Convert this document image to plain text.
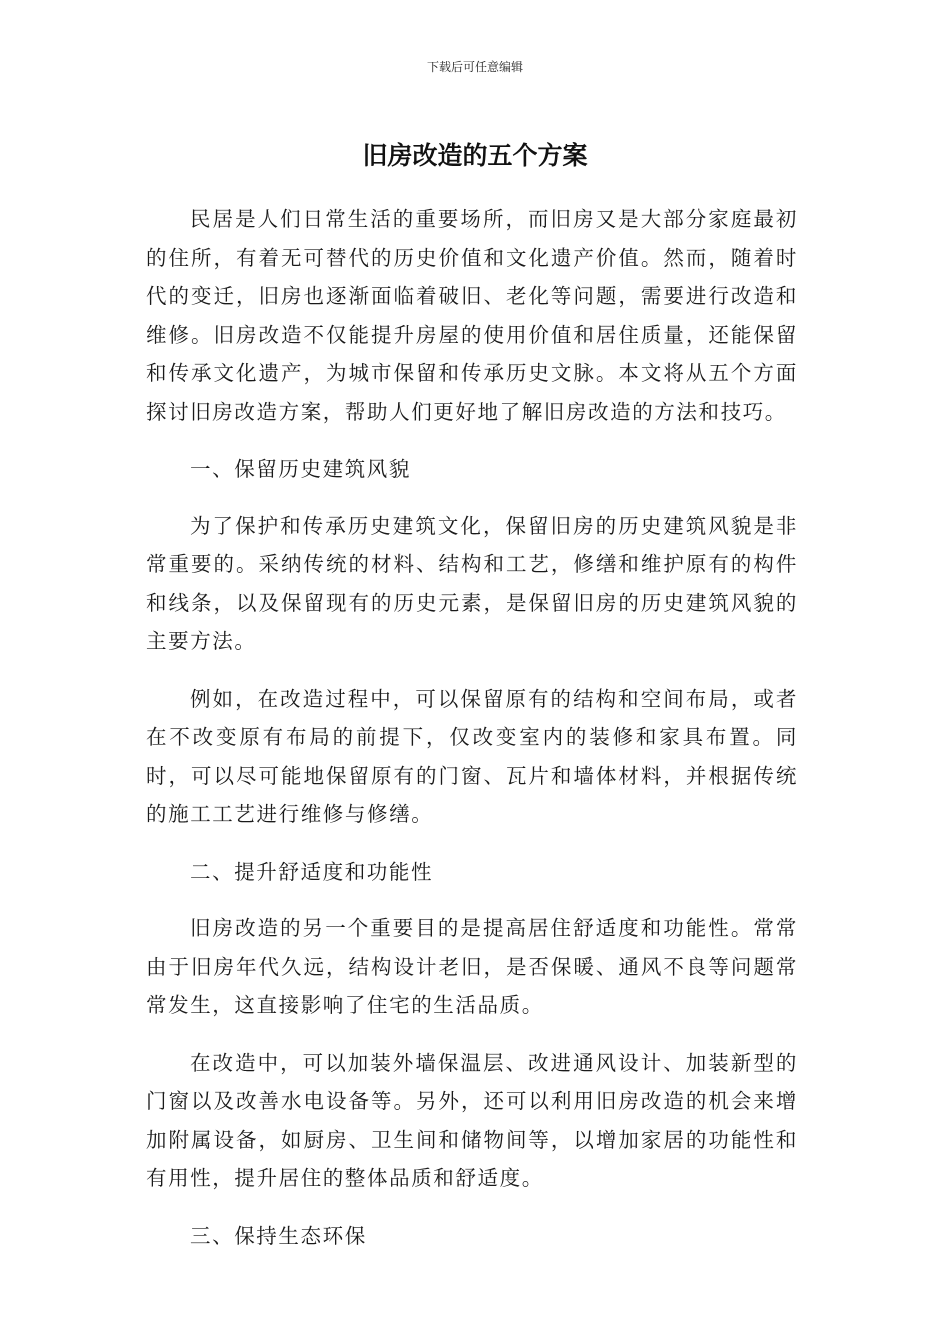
下载后可任意编辑
旧房改造的五个方案

民居是人们日常生活的重要场所，而旧房又是大部分家庭最初的住所，有着无可替代的历史价值和文化遗产价值。然而，随着时代的变迁，旧房也逐渐面临着破旧、老化等问题，需要进行改造和维修。旧房改造不仅能提升房屋的使用价值和居住质量，还能保留和传承文化遗产，为城市保留和传承历史文脉。本文将从五个方面探讨旧房改造方案，帮助人们更好地了解旧房改造的方法和技巧。

一、保留历史建筑风貌

为了保护和传承历史建筑文化，保留旧房的历史建筑风貌是非常重要的。采纳传统的材料、结构和工艺，修缮和维护原有的构件和线条，以及保留现有的历史元素，是保留旧房的历史建筑风貌的主要方法。

例如，在改造过程中，可以保留原有的结构和空间布局，或者在不改变原有布局的前提下，仅改变室内的装修和家具布置。同时，可以尽可能地保留原有的门窗、瓦片和墙体材料，并根据传统的施工工艺进行维修与修缮。

二、提升舒适度和功能性

旧房改造的另一个重要目的是提高居住舒适度和功能性。常常由于旧房年代久远，结构设计老旧，是否保暖、通风不良等问题常常发生，这直接影响了住宅的生活品质。

在改造中，可以加装外墙保温层、改进通风设计、加装新型的门窗以及改善水电设备等。另外，还可以利用旧房改造的机会来增加附属设备，如厨房、卫生间和储物间等，以增加家居的功能性和有用性，提升居住的整体品质和舒适度。

三、保持生态环保
